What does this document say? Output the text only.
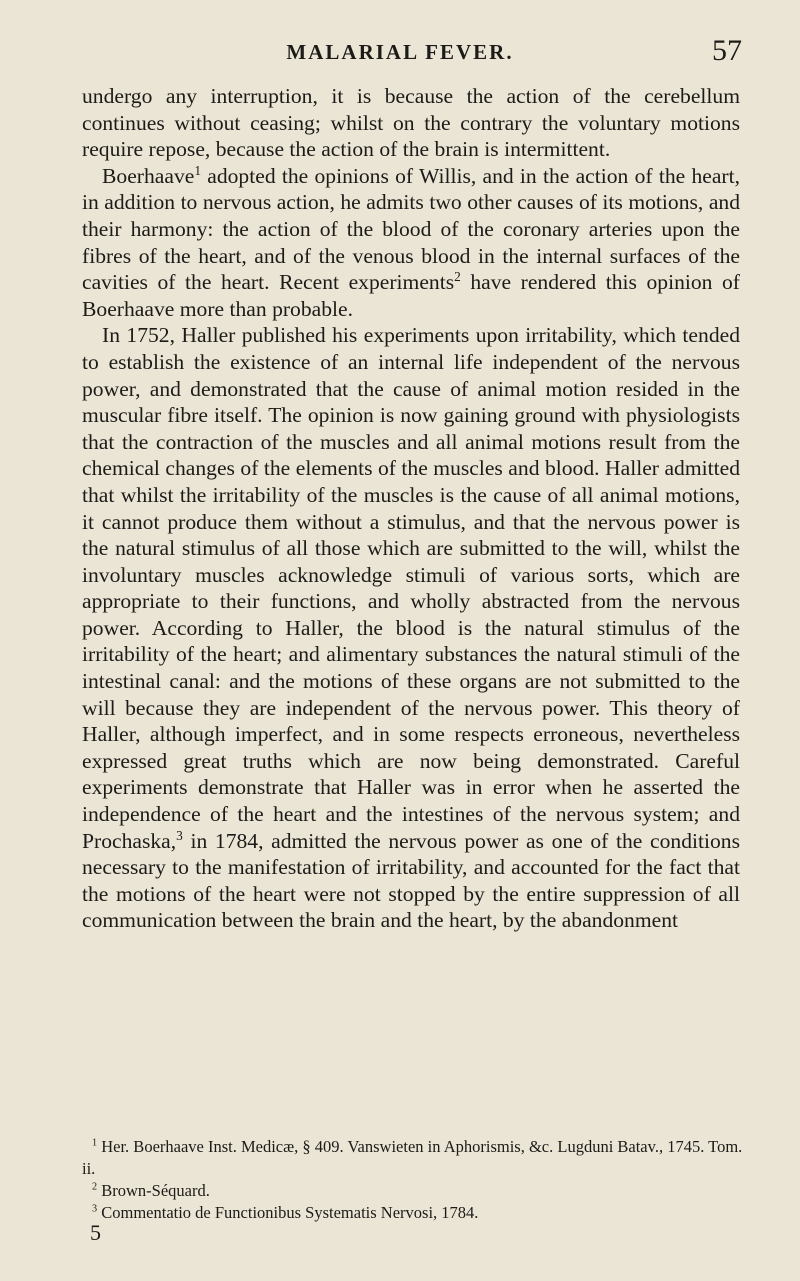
MALARIAL FEVER.	57

undergo any interruption, it is because the action of the cerebellum continues without ceasing; whilst on the contrary the voluntary motions require repose, because the action of the brain is intermittent.

Boerhaave$^1$ adopted the opinions of Willis, and in the action of the heart, in addition to nervous action, he admits two other causes of its motions, and their harmony: the action of the blood of the coronary arteries upon the fibres of the heart, and of the venous blood in the internal surfaces of the cavities of the heart. Recent experiments$^2$ have rendered this opinion of Boerhaave more than probable.

In 1752, Haller published his experiments upon irritability, which tended to establish the existence of an internal life independent of the nervous power, and demonstrated that the cause of animal motion resided in the muscular fibre itself. The opinion is now gaining ground with physiologists that the contraction of the muscles and all animal motions result from the chemical changes of the elements of the muscles and blood. Haller admitted that whilst the irritability of the muscles is the cause of all animal motions, it cannot produce them without a stimulus, and that the nervous power is the natural stimulus of all those which are submitted to the will, whilst the involuntary muscles acknowledge stimuli of various sorts, which are appropriate to their functions, and wholly abstracted from the nervous power. According to Haller, the blood is the natural stimulus of the irritability of the heart; and alimentary substances the natural stimuli of the intestinal canal: and the motions of these organs are not submitted to the will because they are independent of the nervous power. This theory of Haller, although imperfect, and in some respects erroneous, nevertheless expressed great truths which are now being demonstrated. Careful experiments demonstrate that Haller was in error when he asserted the independence of the heart and the intestines of the nervous system; and Prochaska,$^3$ in 1784, admitted the nervous power as one of the conditions necessary to the manifestation of irritability, and accounted for the fact that the motions of the heart were not stopped by the entire suppression of all communication between the brain and the heart, by the abandonment

$^1$ Her. Boerhaave Inst. Medicæ, § 409. Vanswieten in Aphorismis, &c. Lugduni Batav., 1745. Tom. ii.

$^2$ Brown-Séquard.

$^3$ Commentatio de Functionibus Systematis Nervosi, 1784.

5
